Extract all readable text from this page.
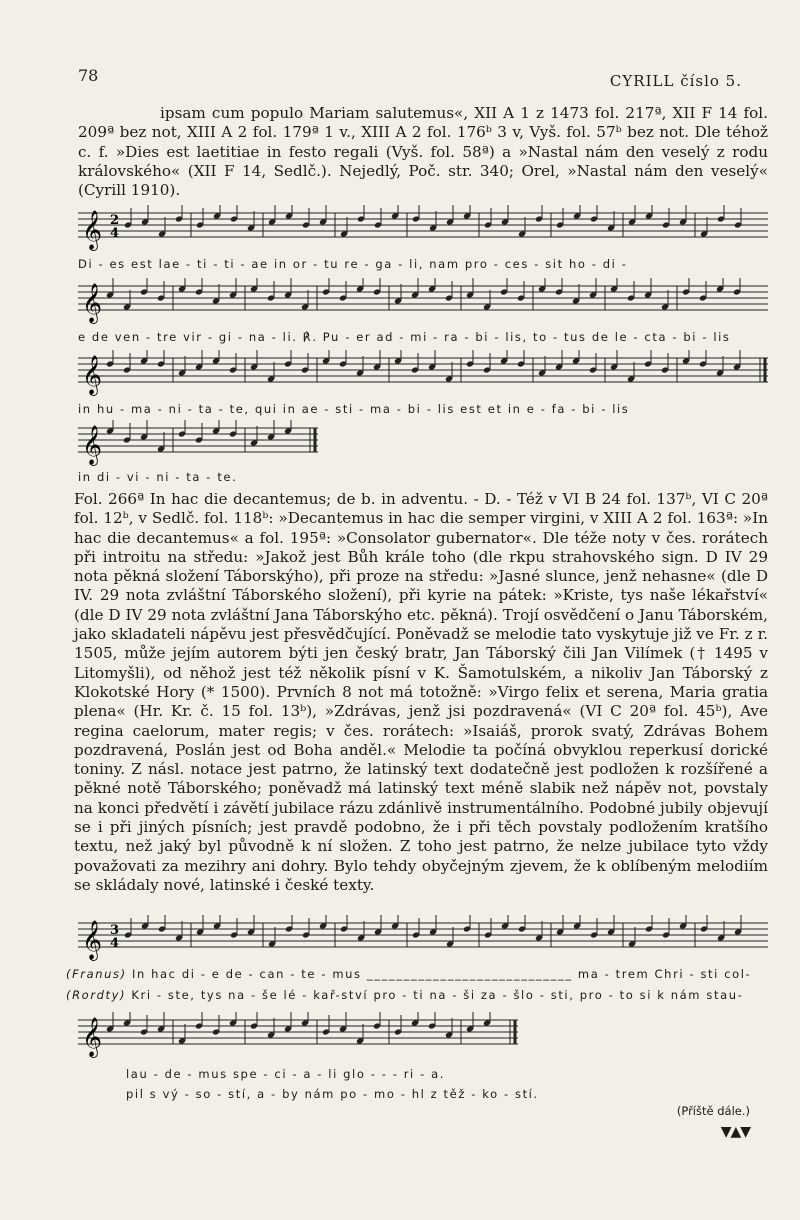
78	CYRILL číslo 5.

ipsam cum populo Mariam salutemus«, XII A 1 z 1473 fol. 217ª, XII F 14 fol. 209ª bez not, XIII A 2 fol. 179ª 1 v., XIII A 2 fol. 176ᵇ 3 v, Vyš. fol. 57ᵇ bez not. Dle téhož c. f. »Dies est laetitiae in festo regali (Vyš. fol. 58ª) a »Nastal nám den veselý z rodu královského« (XII F 14, Sedlč.). Nejedlý, Poč. str. 340; Orel, »Nastal nám den veselý« (Cyrill 1910).

𝄞 2
4
Di - es est lae - ti - ti - ae in or - tu re - ga - li, nam pro - ces - sit ho - di -
𝄞
e de ven - tre vir - gi - na - li. ℟. Pu - er ad - mi - ra - bi - lis, to - tus de le - cta - bi - lis
𝄞
in hu - ma - ni - ta - te, qui in ae - sti - ma - bi - lis est et in e - fa - bi - lis
𝄞
in di - vi - ni - ta - te.

Fol. 266ª In hac die decantemus; de b. in adventu. - D. - Též v VI B 24 fol. 137ᵇ, VI C 20ª fol. 12ᵇ, v Sedlč. fol. 118ᵇ: »Decantemus in hac die semper virgini, v XIII A 2 fol. 163ª: »In hac die decantemus« a fol. 195ª: »Consolator gubernator«. Dle téže noty v čes. rorátech při introitu na středu: »Jakož jest Bůh krále toho (dle rkpu strahovského sign. D IV 29 nota pěkná složení Táborskýho), při proze na středu: »Jasné slunce, jenž nehasne« (dle D IV. 29 nota zvláštní Táborského složení), při kyrie na pátek: »Kriste, tys naše lékařství« (dle D IV 29 nota zvláštní Jana Táborskýho etc. pěkná). Trojí osvědčení o Janu Táborském, jako skladateli nápěvu jest přesvědčující. Poněvadž se melodie tato vyskytuje již ve Fr. z r. 1505, může jejím autorem býti jen český bratr, Jan Táborský čili Jan Vilímek († 1495 v Litomyšli), od něhož jest též několik písní v K. Šamotulském, a nikoliv Jan Táborský z Klokotské Hory (* 1500). Prvních 8 not má totožně: »Virgo felix et serena, Maria gratia plena« (Hr. Kr. č. 15 fol. 13ᵇ), »Zdrávas, jenž jsi pozdravená« (VI C 20ª fol. 45ᵇ), Ave regina caelorum, mater regis; v čes. rorátech: »Isaiáš, prorok svatý, Zdrávas Bohem pozdravená, Poslán jest od Boha anděl.« Melodie ta počíná obvyklou reperkusí dorické toniny. Z násl. notace jest patrno, že latinský text dodatečně jest podložen k rozšířené a pěkné notě Táborského; poněvadž má latinský text méně slabik než nápěv not, povstaly na konci předvětí i závětí jubilace rázu zdánlivě instrumentálního. Podobné jubily objevují se i při jiných písních; jest pravdě podobno, že i při těch povstaly podložením kratšího textu, než jaký byl původně k ní složen. Z toho jest patrno, že nelze jubilace tyto vždy považovati za mezihry ani dohry. Bylo tehdy obyčejným zjevem, že k oblíbeným melodiím se skládaly nové, latinské i české texty.

𝄞 3
4
(Franus) In hac di - e de - can - te - mus ____________________________ ma - trem Chri - sti col-
(Rordty) Kri - ste, tys na - še lé - kař-ství pro - ti na - ši za - šlo - sti, pro - to si k nám stau-
𝄞
lau - de - mus spe - ci - a - li glo - - - ri - a.
pil s vý - so - stí, a - by nám po - mo - hl z těž - ko - stí.
(Příště dále.)
▼▲▼
